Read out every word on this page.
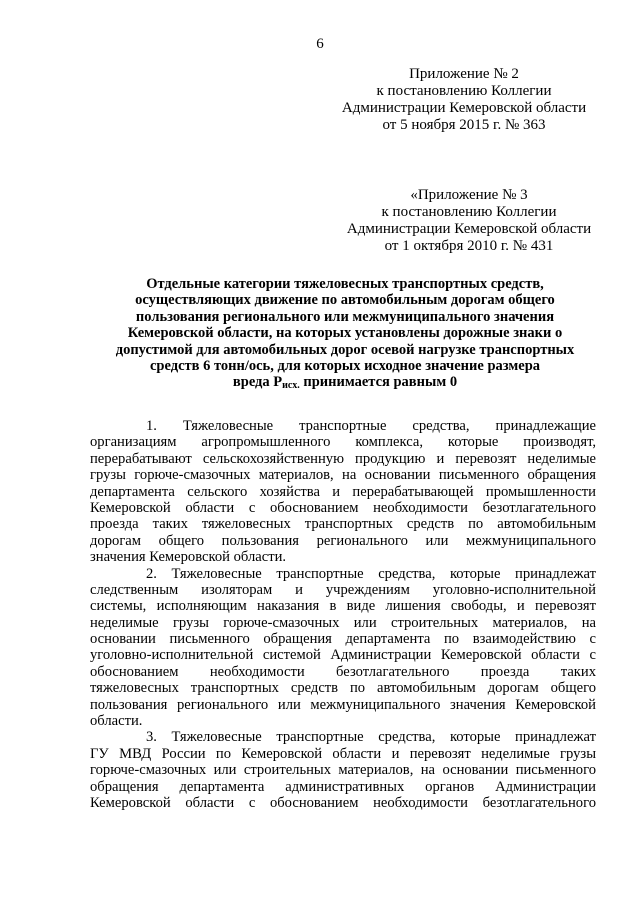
6
Приложение № 2
к постановлению Коллегии
Администрации Кемеровской области
от 5 ноября 2015 г. № 363
«Приложение № 3
к постановлению Коллегии
Администрации Кемеровской области
от 1 октября 2010 г. № 431
Отдельные категории тяжеловесных транспортных средств,
осуществляющих движение по автомобильным дорогам общего
пользования регионального или межмуниципального значения
Кемеровской области, на которых установлены дорожные знаки о
допустимой для автомобильных дорог осевой нагрузке транспортных
средств 6 тонн/ось, для которых исходное значение размера
вреда $P_{исх.}$ принимается равным 0
1. Тяжеловесные транспортные средства, принадлежащие
организациям агропромышленного комплекса, которые производят,
перерабатывают сельскохозяйственную продукцию и перевозят неделимые
грузы горюче-смазочных материалов, на основании письменного обращения
департамента сельского хозяйства и перерабатывающей промышленности
Кемеровской области с обоснованием необходимости безотлагательного
проезда таких тяжеловесных транспортных средств по автомобильным
дорогам общего пользования регионального или межмуниципального
значения Кемеровской области.
2. Тяжеловесные транспортные средства, которые принадлежат
следственным изоляторам и учреждениям уголовно-исполнительной
системы, исполняющим наказания в виде лишения свободы, и перевозят
неделимые грузы горюче-смазочных или строительных материалов, на
основании письменного обращения департамента по взаимодействию с
уголовно-исполнительной системой Администрации Кемеровской области с
обоснованием необходимости безотлагательного проезда таких
тяжеловесных транспортных средств по автомобильным дорогам общего
пользования регионального или межмуниципального значения Кемеровской
области.
3. Тяжеловесные транспортные средства, которые принадлежат
ГУ МВД России по Кемеровской области и перевозят неделимые грузы
горюче-смазочных или строительных материалов, на основании письменного
обращения департамента административных органов Администрации
Кемеровской области с обоснованием необходимости безотлагательного
